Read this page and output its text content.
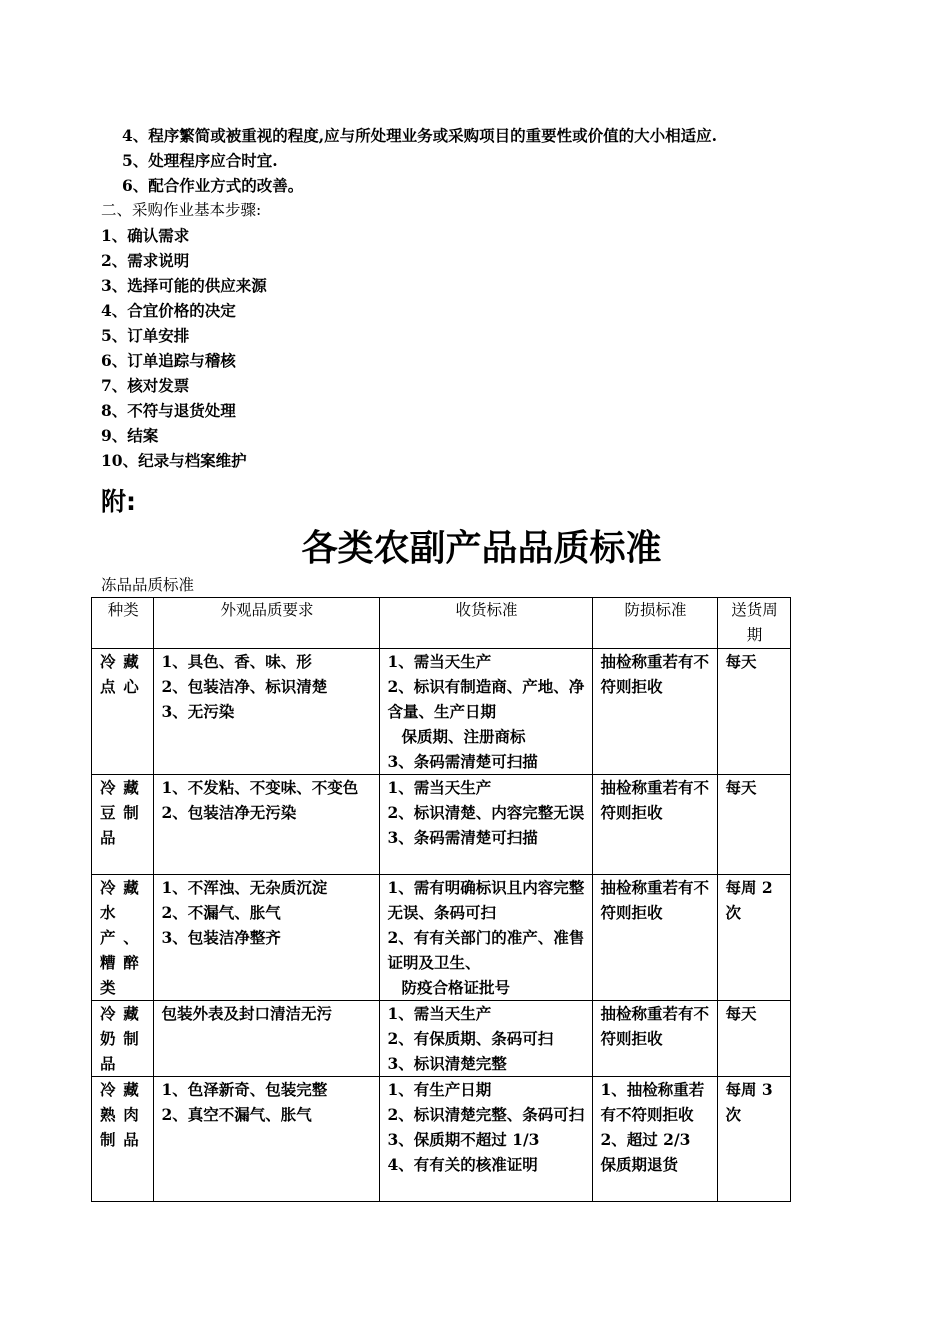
4、程序繁简或被重视的程度,应与所处理业务或采购项目的重要性或价值的大小相适应.
5、处理程序应合时宜.
6、配合作业方式的改善。
二、采购作业基本步骤:
1、确认需求
2、需求说明
3、选择可能的供应来源
4、合宜价格的决定
5、订单安排
6、订单追踪与稽核
7、核对发票
8、不符与退货处理
9、结案
10、纪录与档案维护
附:
各类农副产品品质标准
冻品品质标准
种类	外观品质要求	收货标准	防损标准	送货周期
冷藏点心	1、具色、香、味、形
2、包装洁净、标识清楚
3、无污染	1、需当天生产
2、标识有制造商、产地、净含量、生产日期
保质期、注册商标
3、条码需清楚可扫描	抽检称重若有不符则拒收	每天
冷藏豆制品	1、不发粘、不变味、不变色
2、包装洁净无污染	1、需当天生产
2、标识清楚、内容完整无误
3、条码需清楚可扫描	抽检称重若有不符则拒收	每天
冷藏水产、糟醉类	1、不浑浊、无杂质沉淀
2、不漏气、胀气
3、包装洁净整齐	1、需有明确标识且内容完整无误、条码可扫
2、有有关部门的准产、准售证明及卫生、
防疫合格证批号	抽检称重若有不符则拒收	每周 2 次
冷藏奶制品	包装外表及封口清洁无污	1、需当天生产
2、有保质期、条码可扫
3、标识清楚完整	抽检称重若有不符则拒收	每天
冷藏熟肉制品	1、色泽新奇、包装完整
2、真空不漏气、胀气	1、有生产日期
2、标识清楚完整、条码可扫
3、保质期不超过 1/3
4、有有关的核准证明	1、抽检称重若有不符则拒收
2、超过 2/3 保质期退货	每周 3 次
